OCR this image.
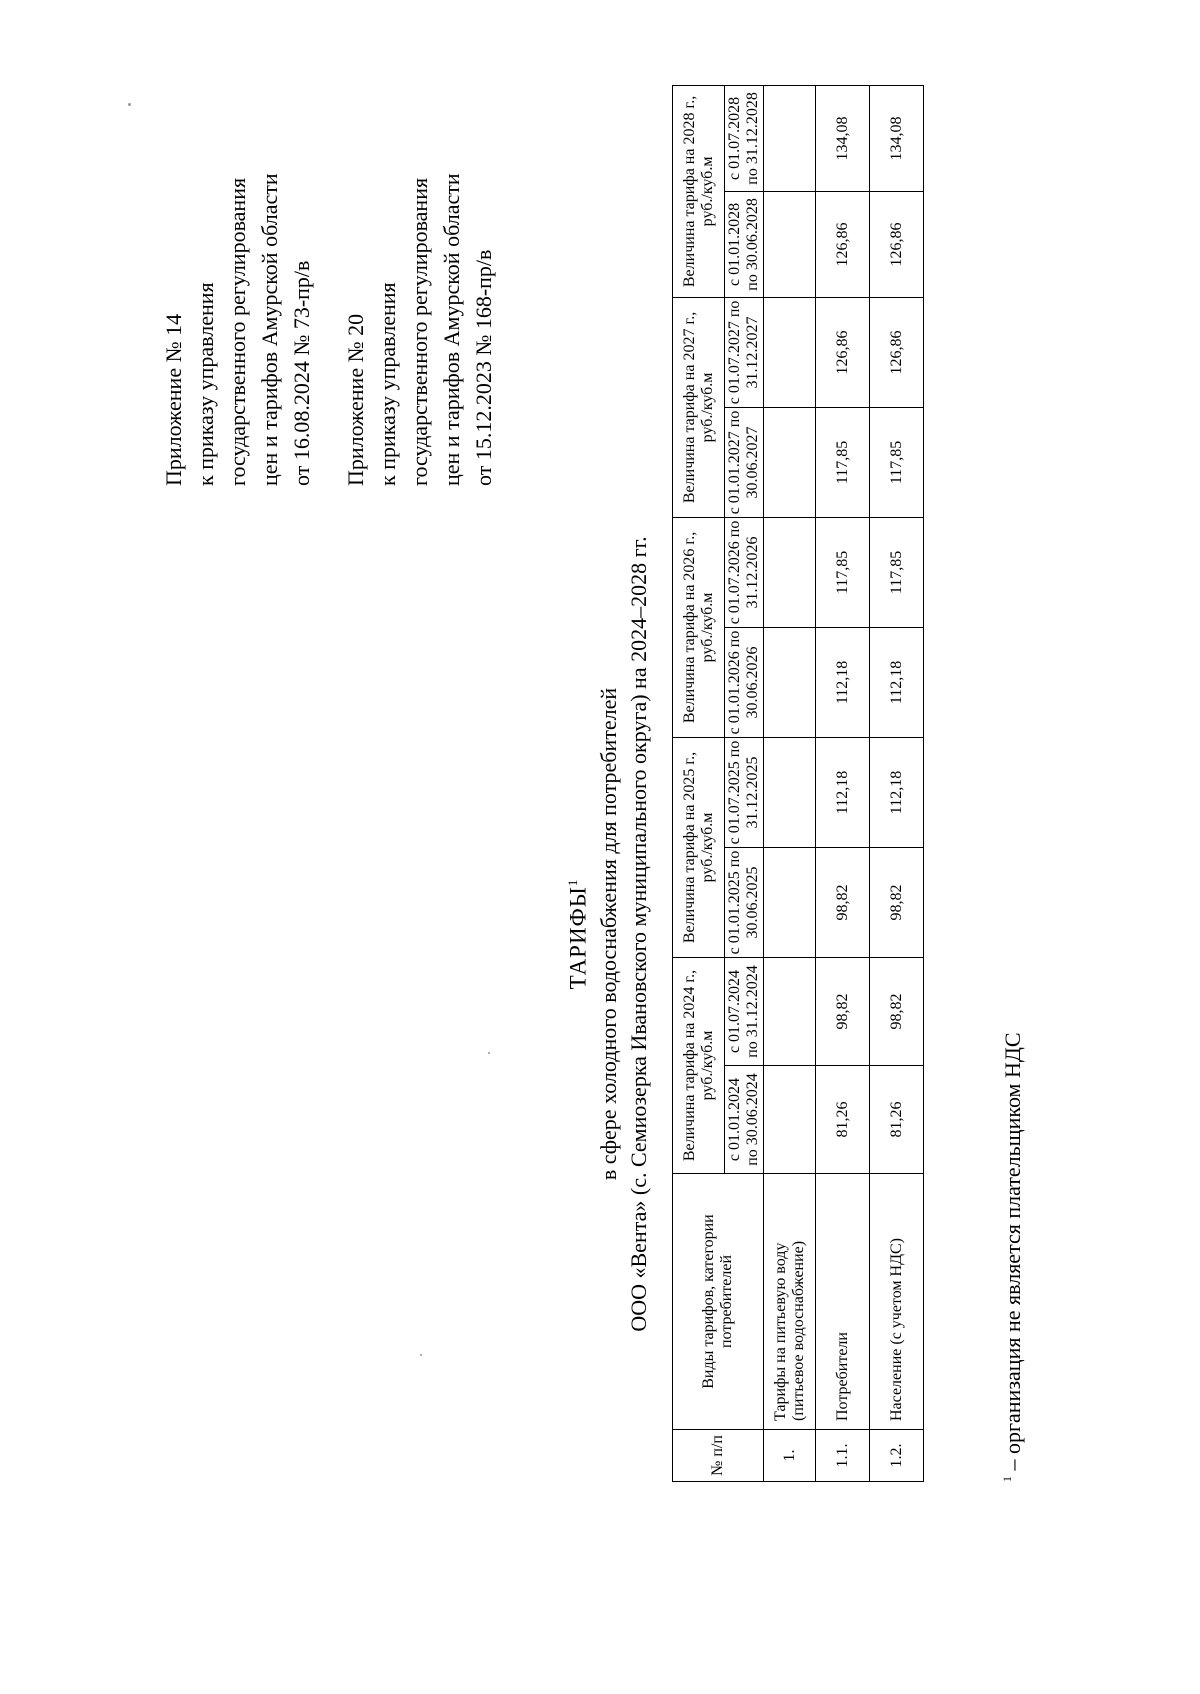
Приложение № 14 к приказу управления государственного регулирования цен и тарифов Амурской области от 16.08.2024 № 73-пр/в Приложение № 20 к приказу управления государственного регулирования цен и тарифов Амурской области от 15.12.2023 № 168-пр/в
ТАРИФЫ$^1$ в сфере холодного водоснабжения для потребителей ООО «Вента» (с. Семиозерка Ивановского муниципального округа) на 2024–2028 гг.
№ п/п	Виды тарифов, категории потребителей	Величина тарифа на 2024 г., руб./куб.м		Величина тарифа на 2025 г., руб./куб.м		Величина тарифа на 2026 г., руб./куб.м		Величина тарифа на 2027 г., руб./куб.м		Величина тарифа на 2028 г., руб./куб.м	
		с 01.01.2024 по 30.06.2024	с 01.07.2024 по 31.12.2024	с 01.01.2025 по 30.06.2025	с 01.07.2025 по 31.12.2025	с 01.01.2026 по 30.06.2026	с 01.07.2026 по 31.12.2026	с 01.01.2027 по 30.06.2027	с 01.07.2027 по 31.12.2027	с 01.01.2028 по 30.06.2028	с 01.07.2028 по 31.12.2028
1.	Тарифы на питьевую воду (питьевое водоснабжение)										
1.1.	Потребители	81,26	98,82	98,82	112,18	112,18	117,85	117,85	126,86	126,86	134,08
1.2.	Население (с учетом НДС)	81,26	98,82	98,82	112,18	112,18	117,85	117,85	126,86	126,86	134,08
$^1$ – организация не является плательщиком НДС
